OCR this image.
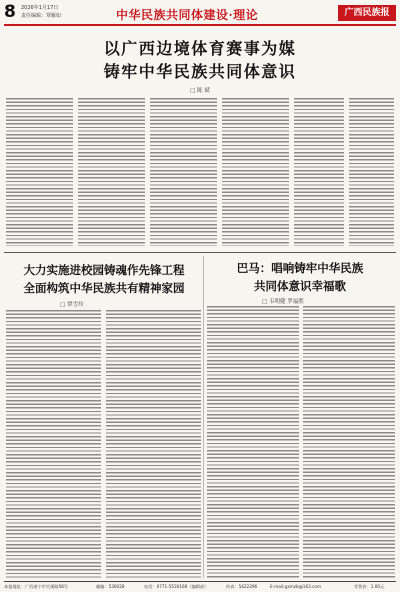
8 2026年1月17日
责任编辑：覃雁如	中华民族共同体建设·理论	广西民族报
以广西边境体育赛事为媒
铸牢中华民族共同体意识
□ 陈 斌
大力实施进校园铸魂作先锋工程
全面构筑中华民族共有精神家园
□ 覃雪玲
巴马：唱响铸牢中华民族
共同体意识幸福歌
□ 韦明健 罗福胜
本报地址：广西南宁市竹溪路58号	邮编：530028	电话：0771-5530166（编辑部）	传真：5422296	E-mail:gxmzb@163.com	零售价：1.00元
